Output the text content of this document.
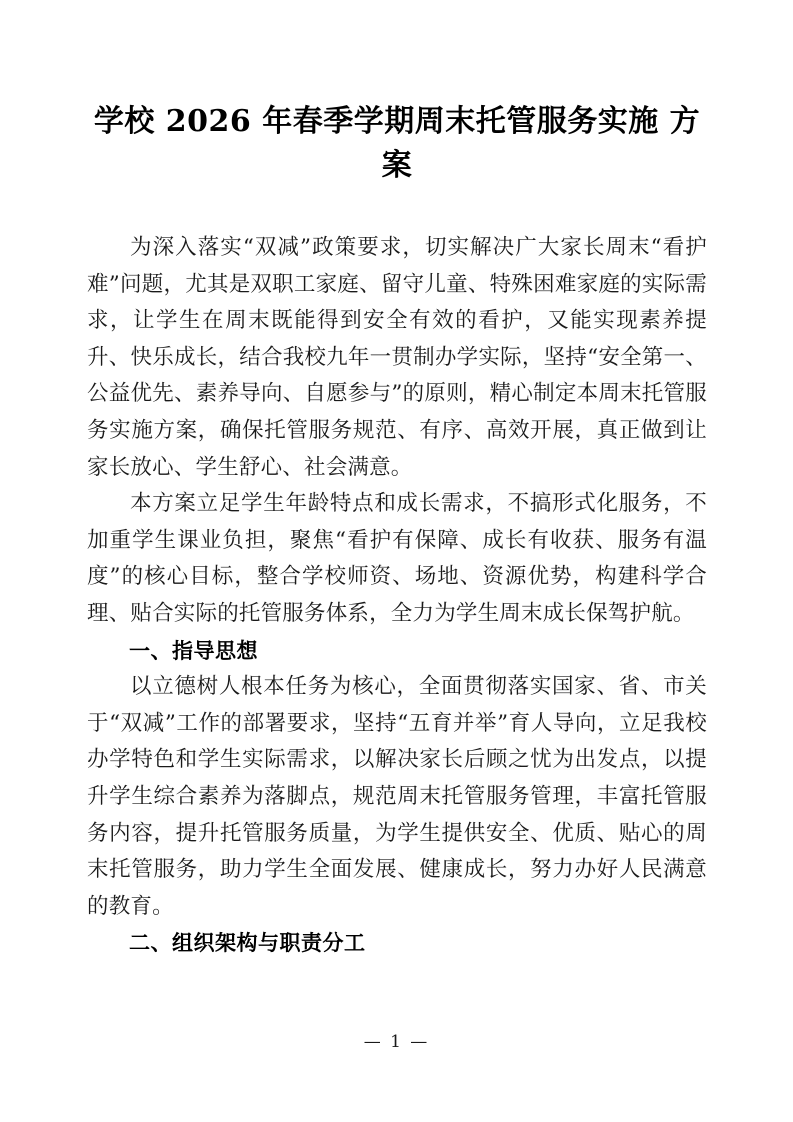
学校 2026 年春季学期周末托管服务实施 方案

为深入落实“双减”政策要求，切实解决广大家长周末“看护难”问题，尤其是双职工家庭、留守儿童、特殊困难家庭的实际需求，让学生在周末既能得到安全有效的看护，又能实现素养提升、快乐成长，结合我校九年一贯制办学实际，坚持“安全第一、公益优先、素养导向、自愿参与”的原则，精心制定本周末托管服务实施方案，确保托管服务规范、有序、高效开展，真正做到让家长放心、学生舒心、社会满意。

本方案立足学生年龄特点和成长需求，不搞形式化服务，不加重学生课业负担，聚焦“看护有保障、成长有收获、服务有温度”的核心目标，整合学校师资、场地、资源优势，构建科学合理、贴合实际的托管服务体系，全力为学生周末成长保驾护航。

一、指导思想

以立德树人根本任务为核心，全面贯彻落实国家、省、市关于“双减”工作的部署要求，坚持“五育并举”育人导向，立足我校办学特色和学生实际需求，以解决家长后顾之忧为出发点，以提升学生综合素养为落脚点，规范周末托管服务管理，丰富托管服务内容，提升托管服务质量，为学生提供安全、优质、贴心的周末托管服务，助力学生全面发展、健康成长，努力办好人民满意的教育。

二、组织架构与职责分工
— 1 —
